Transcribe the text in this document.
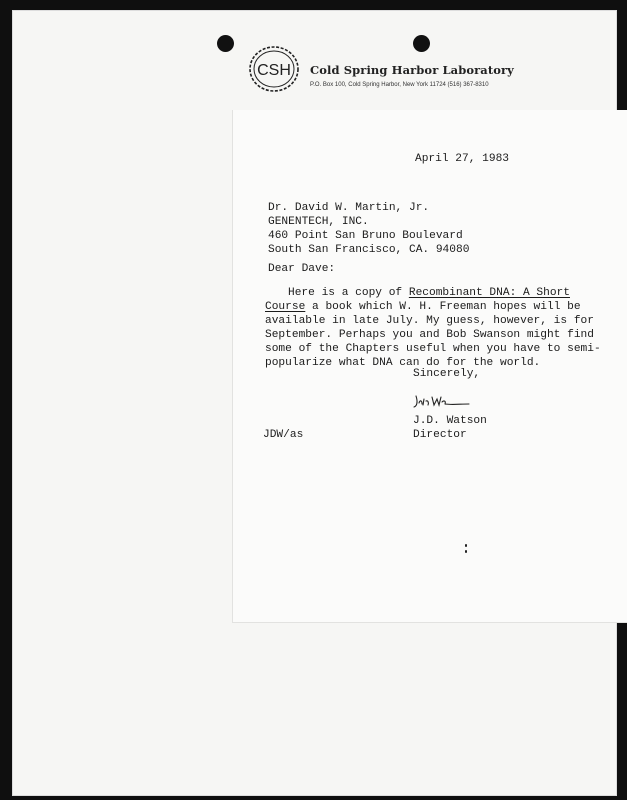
CSH Cold Spring Harbor Laboratory
P.O. Box 100, Cold Spring Harbor, New York 11724 (516) 367-8310
April 27, 1983
Dr. David W. Martin, Jr.
GENENTECH, INC.
460 Point San Bruno Boulevard
South San Francisco, CA. 94080
Dear Dave:
Here is a copy of Recombinant DNA: A Short
Course a book which W. H. Freeman hopes will be
available in late July. My guess, however, is for
September. Perhaps you and Bob Swanson might find
some of the Chapters useful when you have to semi-
popularize what DNA can do for the world.
Sincerely,
J.D. Watson
Director
JDW/as
